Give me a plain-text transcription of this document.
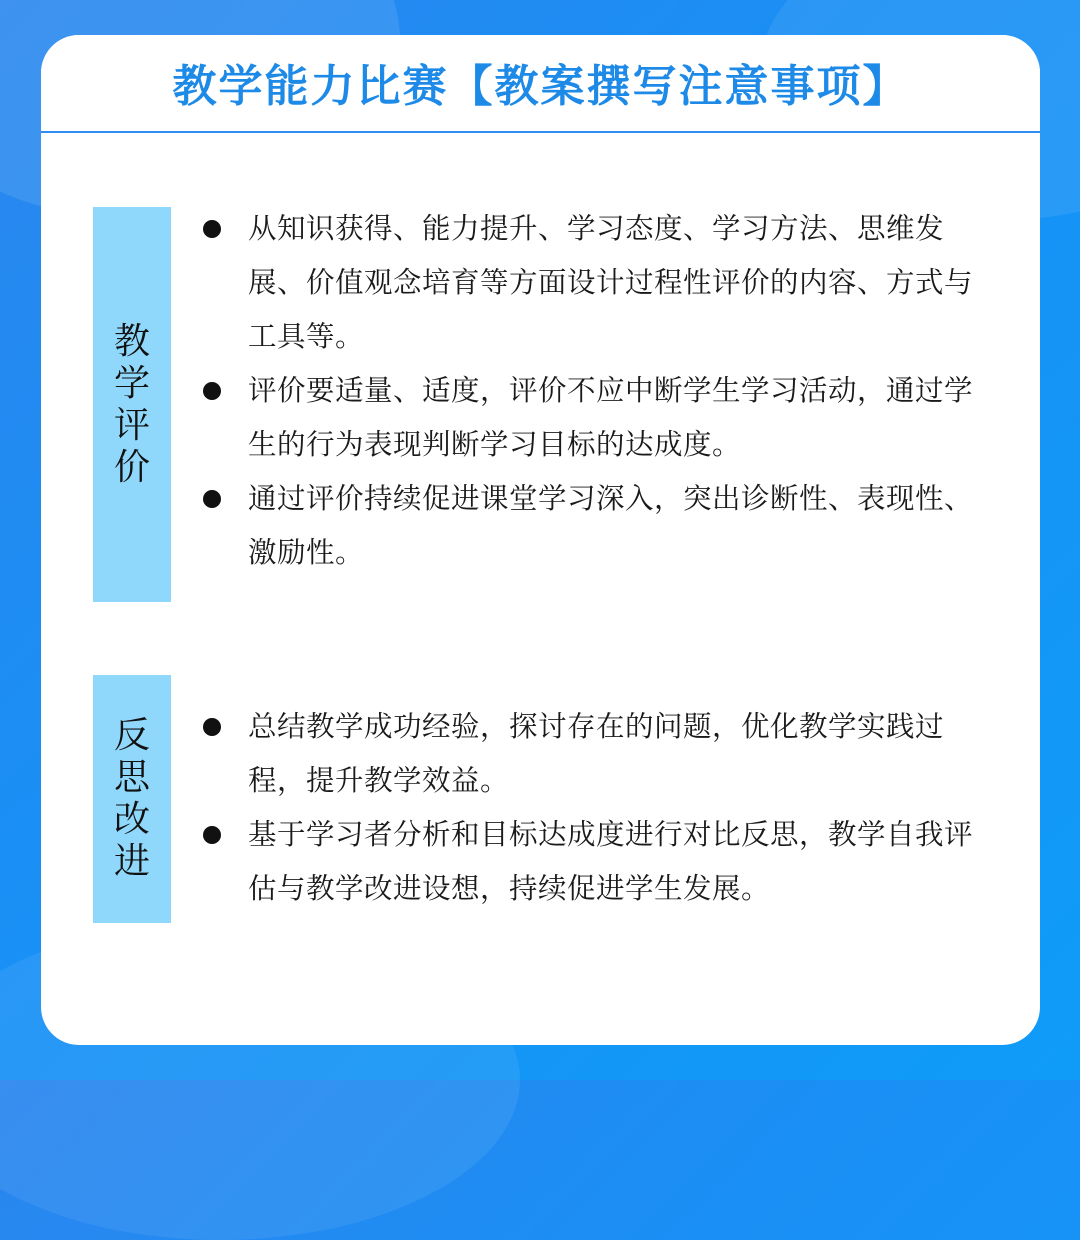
教学能力比赛【教案撰写注意事项】
教学评价
从知识获得、能力提升、学习态度、学习方法、思维发展、价值观念培育等方面设计过程性评价的内容、方式与工具等。
评价要适量、适度，评价不应中断学生学习活动，通过学生的行为表现判断学习目标的达成度。
通过评价持续促进课堂学习深入，突出诊断性、表现性、激励性。
反思改进
总结教学成功经验，探讨存在的问题，优化教学实践过程，提升教学效益。
基于学习者分析和目标达成度进行对比反思，教学自我评估与教学改进设想，持续促进学生发展。
